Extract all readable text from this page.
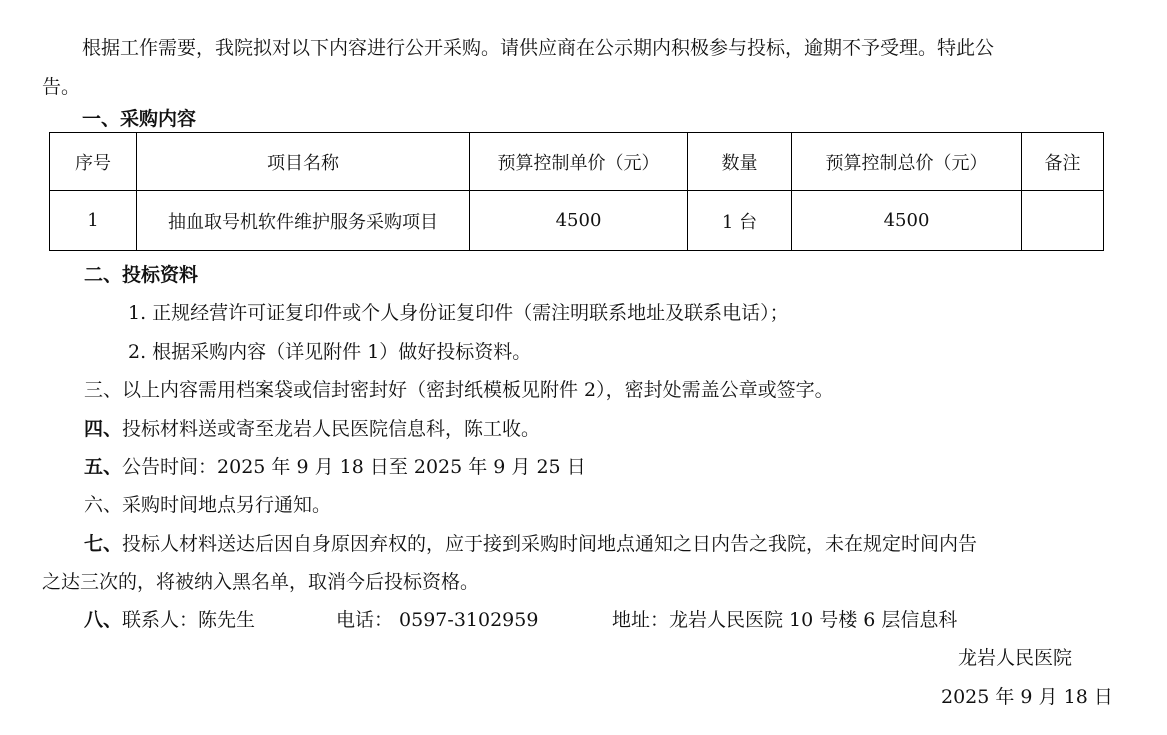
根据工作需要，我院拟对以下内容进行公开采购。请供应商在公示期内积极参与投标，逾期不予受理。特此公
告。
一、采购内容
序号	项目名称	预算控制单价（元）	数量	预算控制总价（元）	备注
1	抽血取号机软件维护服务采购项目	4500	1 台	4500	
二、投标资料
1. 正规经营许可证复印件或个人身份证复印件（需注明联系地址及联系电话）；
2. 根据采购内容（详见附件 1）做好投标资料。
三、以上内容需用档案袋或信封密封好（密封纸模板见附件 2），密封处需盖公章或签字。
四、投标材料送或寄至龙岩人民医院信息科，陈工收。
五、公告时间：2025 年 9 月 18 日至 2025 年 9 月 25 日
六、采购时间地点另行通知。
七、投标人材料送达后因自身原因弃权的，应于接到采购时间地点通知之日内告之我院，未在规定时间内告
之达三次的，将被纳入黑名单，取消今后投标资格。
八、联系人：陈先生	电话： 0597-3102959	地址：龙岩人民医院 10 号楼 6 层信息科
龙岩人民医院
2025 年 9 月 18 日
